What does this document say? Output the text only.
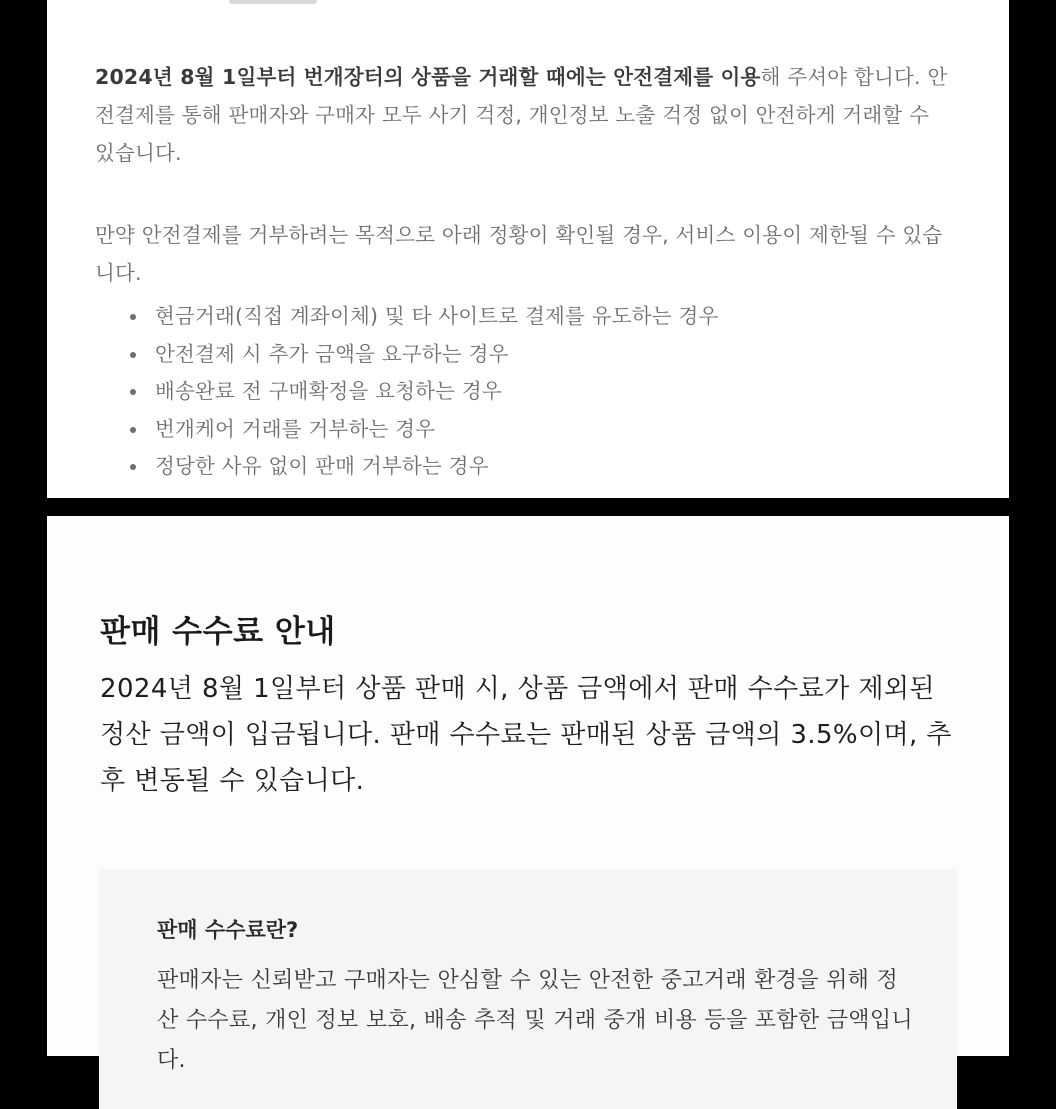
2024년 8월 1일부터 번개장터의 상품을 거래할 때에는 안전결제를 이용해 주셔야 합니다. 안전결제를 통해 판매자와 구매자 모두 사기 걱정, 개인정보 노출 걱정 없이 안전하게 거래할 수 있습니다.

만약 안전결제를 거부하려는 목적으로 아래 정황이 확인될 경우, 서비스 이용이 제한될 수 있습니다.

현금거래(직접 계좌이체) 및 타 사이트로 결제를 유도하는 경우
안전결제 시 추가 금액을 요구하는 경우
배송완료 전 구매확정을 요청하는 경우
번개케어 거래를 거부하는 경우
정당한 사유 없이 판매 거부하는 경우
판매 수수료 안내

2024년 8월 1일부터 상품 판매 시, 상품 금액에서 판매 수수료가 제외된 정산 금액이 입금됩니다. 판매 수수료는 판매된 상품 금액의 3.5%이며, 추후 변동될 수 있습니다.

판매 수수료란?

판매자는 신뢰받고 구매자는 안심할 수 있는 안전한 중고거래 환경을 위해 정산 수수료, 개인 정보 보호, 배송 추적 및 거래 중개 비용 등을 포함한 금액입니다.
